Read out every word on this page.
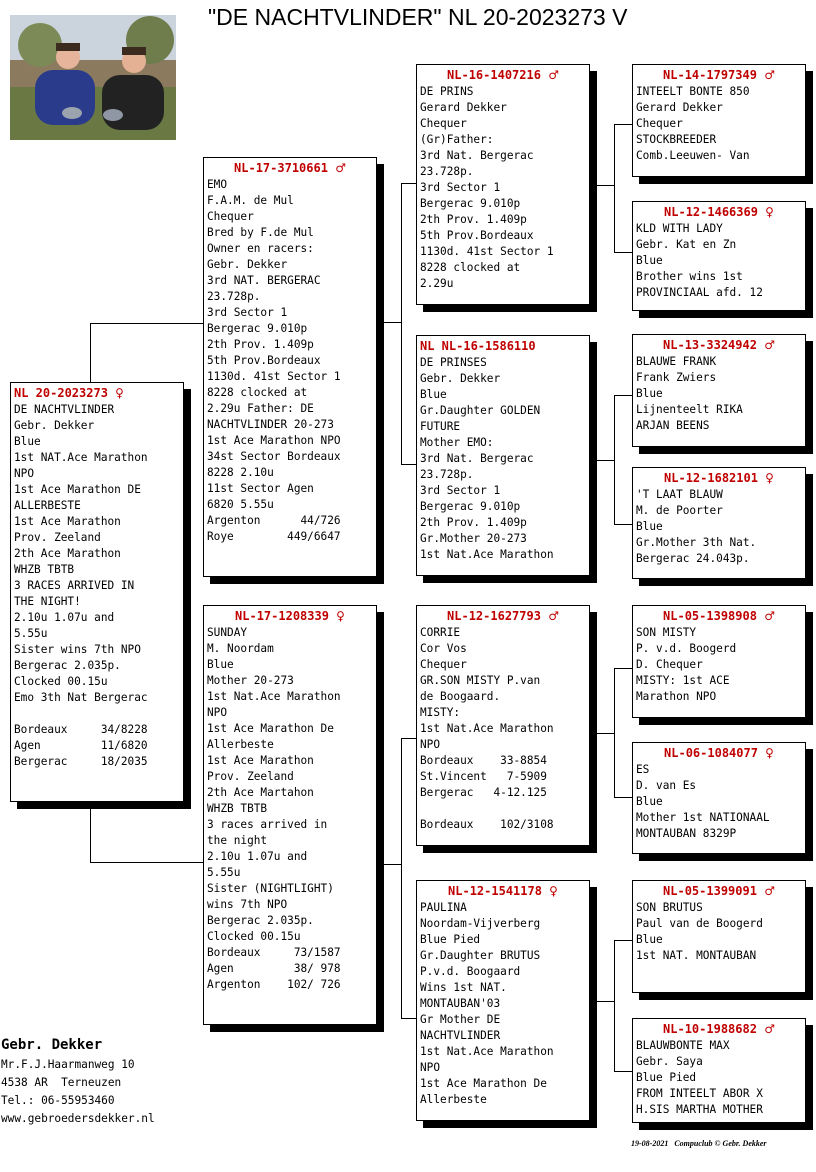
"DE NACHTVLINDER" NL 20-2023273 V
NL 20-2023273 ♀
DE NACHTVLINDER
Gebr. Dekker
Blue
1st NAT.Ace Marathon
NPO
1st Ace Marathon DE
ALLERBESTE
1st Ace Marathon
Prov. Zeeland
2th Ace Marathon
WHZB TBTB
3 RACES ARRIVED IN
THE NIGHT!
2.10u 1.07u and
5.55u
Sister wins 7th NPO
Bergerac 2.035p.
Clocked 00.15u
Emo 3th Nat Bergerac
Bordeaux     34/8228
Agen         11/6820
Bergerac     18/2035
NL-17-3710661 ♂
EMO
F.A.M. de Mul
Chequer
Bred by F.de Mul
Owner en racers:
Gebr. Dekker
3rd NAT. BERGERAC
23.728p.
3rd Sector 1
Bergerac 9.010p
2th Prov. 1.409p
5th Prov.Bordeaux
1130d. 41st Sector 1
8228 clocked at
2.29u Father: DE
NACHTVLINDER 20-273
1st Ace Marathon NPO
34st Sector Bordeaux
8228 2.10u
11st Sector Agen
6820 5.55u
Argenton      44/726
Roye        449/6647
NL-17-1208339 ♀
SUNDAY
M. Noordam
Blue
Mother 20-273
1st Nat.Ace Marathon
NPO
1st Ace Marathon De
Allerbeste
1st Ace Marathon
Prov. Zeeland
2th Ace Martahon
WHZB TBTB
3 races arrived in
the night
2.10u 1.07u and
5.55u
Sister (NIGHTLIGHT)
wins 7th NPO
Bergerac 2.035p.
Clocked 00.15u
Bordeaux     73/1587
Agen         38/ 978
Argenton    102/ 726
NL-16-1407216 ♂
DE PRINS
Gerard Dekker
Chequer
(Gr)Father:
3rd Nat. Bergerac
23.728p.
3rd Sector 1
Bergerac 9.010p
2th Prov. 1.409p
5th Prov.Bordeaux
1130d. 41st Sector 1
8228 clocked at
2.29u
NL NL-16-1586110
DE PRINSES
Gebr. Dekker
Blue
Gr.Daughter GOLDEN
FUTURE
Mother EMO:
3rd Nat. Bergerac
23.728p.
3rd Sector 1
Bergerac 9.010p
2th Prov. 1.409p
Gr.Mother 20-273
1st Nat.Ace Marathon
NL-12-1627793 ♂
CORRIE
Cor Vos
Chequer
GR.SON MISTY P.van
de Boogaard.
MISTY:
1st Nat.Ace Marathon
NPO
Bordeaux    33-8854
St.Vincent   7-5909
Bergerac   4-12.125
Bordeaux    102/3108
NL-12-1541178 ♀
PAULINA
Noordam-Vijverberg
Blue Pied
Gr.Daughter BRUTUS
P.v.d. Boogaard
Wins 1st NAT.
MONTAUBAN'03
Gr Mother DE
NACHTVLINDER
1st Nat.Ace Marathon
NPO
1st Ace Marathon De
Allerbeste
NL-14-1797349 ♂
INTEELT BONTE 850
Gerard Dekker
Chequer
STOCKBREEDER
Comb.Leeuwen- Van
NL-12-1466369 ♀
KLD WITH LADY
Gebr. Kat en Zn
Blue
Brother wins 1st
PROVINCIAAL afd. 12
NL-13-3324942 ♂
BLAUWE FRANK
Frank Zwiers
Blue
Lijnenteelt RIKA
ARJAN BEENS
NL-12-1682101 ♀
'T LAAT BLAUW
M. de Poorter
Blue
Gr.Mother 3th Nat.
Bergerac 24.043p.
NL-05-1398908 ♂
SON MISTY
P. v.d. Boogerd
D. Chequer
MISTY: 1st ACE
Marathon NPO
NL-06-1084077 ♀
ES
D. van Es
Blue
Mother 1st NATIONAAL
MONTAUBAN 8329P
NL-05-1399091 ♂
SON BRUTUS
Paul van de Boogerd
Blue
1st NAT. MONTAUBAN
NL-10-1988682 ♂
BLAUWBONTE MAX
Gebr. Saya
Blue Pied
FROM INTEELT ABOR X
H.SIS MARTHA MOTHER
Gebr. Dekker
Mr.F.J.Haarmanweg 10
4538 AR  Terneuzen
Tel.: 06-55953460
www.gebroedersdekker.nl
19-08-2021   Compuclub © Gebr. Dekker
